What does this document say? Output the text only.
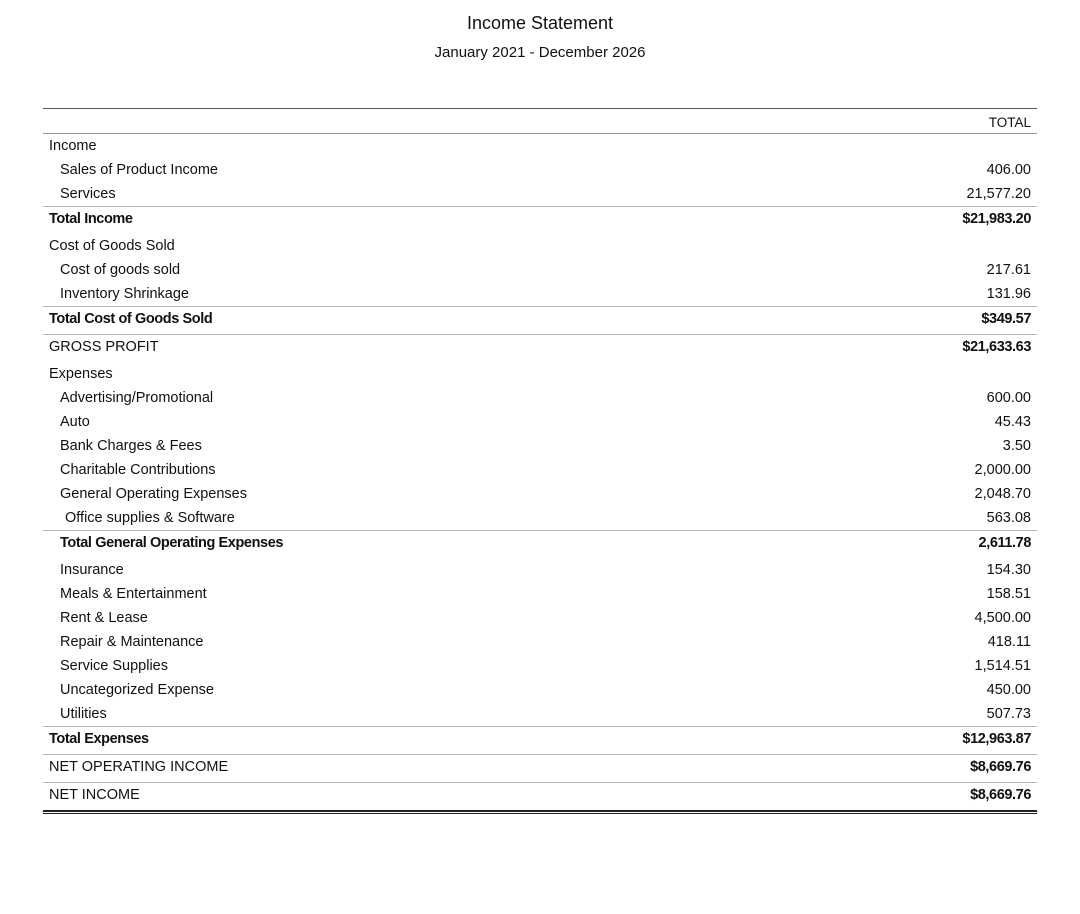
Income Statement
January 2021 - December 2026
TOTAL
Income
Sales of Product Income	406.00
Services	21,577.20
Total Income	$21,983.20
Cost of Goods Sold
Cost of goods sold	217.61
Inventory Shrinkage	131.96
Total Cost of Goods Sold	$349.57
GROSS PROFIT	$21,633.63
Expenses
Advertising/Promotional	600.00
Auto	45.43
Bank Charges & Fees	3.50
Charitable Contributions	2,000.00
General Operating Expenses	2,048.70
Office supplies & Software	563.08
Total General Operating Expenses	2,611.78
Insurance	154.30
Meals & Entertainment	158.51
Rent & Lease	4,500.00
Repair & Maintenance	418.11
Service Supplies	1,514.51
Uncategorized Expense	450.00
Utilities	507.73
Total Expenses	$12,963.87
NET OPERATING INCOME	$8,669.76
NET INCOME	$8,669.76
